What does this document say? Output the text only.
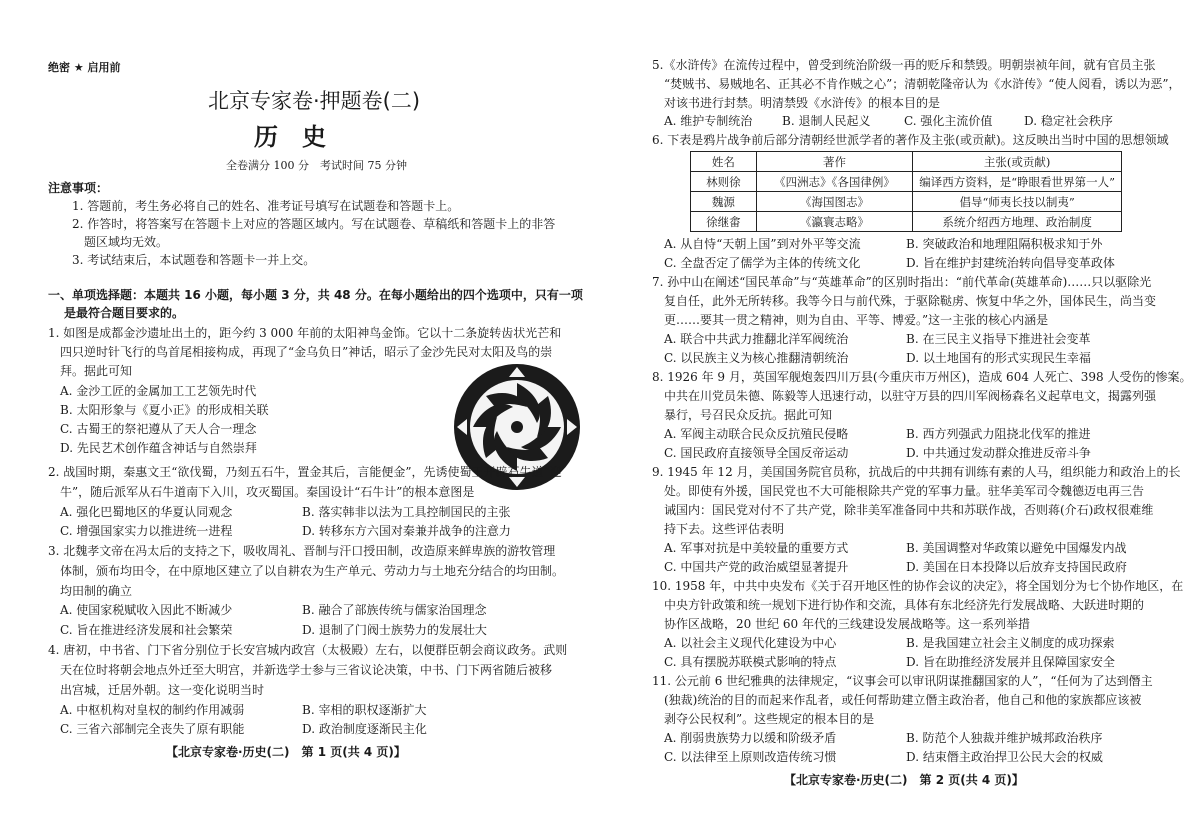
绝密 ★ 启用前
北京专家卷·押题卷(二)
历　史
全卷满分 100 分　考试时间 75 分钟
注意事项：
1. 答题前，考生务必将自己的姓名、准考证号填写在试题卷和答题卡上。
2. 作答时，将答案写在答题卡上对应的答题区域内。写在试题卷、草稿纸和答题卡上的非答
题区域均无效。
3. 考试结束后，本试题卷和答题卡一并上交。
一、单项选择题：本题共 16 小题，每小题 3 分，共 48 分。在每小题给出的四个选项中，只有一项
是最符合题目要求的。
1. 如图是成都金沙遗址出土的，距今约 3 000 年前的太阳神鸟金饰。它以十二条旋转齿状光芒和
四只逆时针飞行的鸟首尾相接构成，再现了“金乌负日”神话，昭示了金沙先民对太阳及鸟的崇
拜。据此可知
A. 金沙工匠的金属加工工艺领先时代
B. 太阳形象与《夏小正》的形成相关联
C. 古蜀王的祭祀遵从了天人合一理念
D. 先民艺术创作蕴含神话与自然崇拜
2. 战国时期，秦惠文王“欲伐蜀，乃刻五石牛，置金其后，言能便金”，先诱使蜀王开辟石牛道“迎
牛”，随后派军从石牛道南下入川，攻灭蜀国。秦国设计“石牛计”的根本意图是
A. 强化巴蜀地区的华夏认同观念	B. 落实韩非以法为工具控制国民的主张
C. 增强国家实力以推进统一进程	D. 转移东方六国对秦兼并战争的注意力
3. 北魏孝文帝在冯太后的支持之下，吸收周礼、晋制与汗口授田制，改造原来鲜卑族的游牧管理
体制，颁布均田令，在中原地区建立了以自耕农为生产单元、劳动力与土地充分结合的均田制。
均田制的确立
A. 使国家税赋收入因此不断减少	B. 融合了部族传统与儒家治国理念
C. 旨在推进经济发展和社会繁荣	D. 退制了门阀士族势力的发展壮大
4. 唐初，中书省、门下省分别位于长安宫城内政宫（太极殿）左右，以便群臣朝会商议政务。武则
天在位时将朝会地点外迁至大明宫，并新选学士参与三省议论决策，中书、门下两省随后被移
出宫城，迁居外朝。这一变化说明当时
A. 中枢机构对皇权的制约作用减弱	B. 宰相的职权逐渐扩大
C. 三省六部制完全丧失了原有职能	D. 政治制度逐渐民主化
【北京专家卷·历史(二)　第 1 页(共 4 页)】
5.《水浒传》在流传过程中，曾受到统治阶级一再的贬斥和禁毁。明朝崇祯年间，就有官员主张
“焚贼书、易贼地名、正其必不肯作贼之心”；清朝乾隆帝认为《水浒传》“使人阅看，诱以为恶”，
对该书进行封禁。明清禁毁《水浒传》的根本目的是
A. 维护专制统治 B. 退制人民起义	C. 强化主流价值	D. 稳定社会秩序
6. 下表是鸦片战争前后部分清朝经世派学者的著作及主张(或贡献)。这反映出当时中国的思想领域
姓名	著作	主张(或贡献)
林则徐	《四洲志》《各国律例》	编译西方资料，是“睁眼看世界第一人”
魏源	《海国图志》	倡导“师夷长技以制夷”
徐继畬	《瀛寰志略》	系统介绍西方地理、政治制度
A. 从自恃“天朝上国”到对外平等交流	B. 突破政治和地理阻隔积极求知于外
C. 全盘否定了儒学为主体的传统文化	D. 旨在维护封建统治转向倡导变革政体
7. 孙中山在阐述“国民革命”与“英雄革命”的区别时指出：“前代革命(英雄革命)……只以驱除光
复自任，此外无所转移。我等今日与前代殊，于驱除鞑虏、恢复中华之外，国体民生，尚当变
更……要其一贯之精神，则为自由、平等、博爱。”这一主张的核心内涵是
A. 联合中共武力推翻北洋军阀统治	B. 在三民主义指导下推进社会变革
C. 以民族主义为核心推翻清朝统治	D. 以土地国有的形式实现民生幸福
8. 1926 年 9 月，英国军舰炮轰四川万县(今重庆市万州区)，造成 604 人死亡、398 人受伤的惨案。
中共在川党员朱德、陈毅等人迅速行动，以驻守万县的四川军阀杨森名义起草电文，揭露列强
暴行，号召民众反抗。据此可知
A. 军阀主动联合民众反抗殖民侵略	B. 西方列强武力阻挠北伐军的推进
C. 国民政府直接领导全国反帝运动	D. 中共通过发动群众推进反帝斗争
9. 1945 年 12 月，美国国务院官员称，抗战后的中共拥有训练有素的人马，组织能力和政治上的长
处。即使有外援，国民党也不大可能根除共产党的军事力量。驻华美军司令魏德迈电再三告
诫国内：国民党对付不了共产党，除非美军准备同中共和苏联作战，否则蒋(介石)政权很难维
持下去。这些评估表明
A. 军事对抗是中美较量的重要方式	B. 美国调整对华政策以避免中国爆发内战
C. 中国共产党的政治威望显著提升	D. 美国在日本投降以后放弃支持国民政府
10. 1958 年，中共中央发布《关于召开地区性的协作会议的决定》，将全国划分为七个协作地区，在
中央方针政策和统一规划下进行协作和交流，具体有东北经济先行发展战略、大跃进时期的
协作区战略，20 世纪 60 年代的三线建设发展战略等。这一系列举措
A. 以社会主义现代化建设为中心	B. 是我国建立社会主义制度的成功探索
C. 具有摆脱苏联模式影响的特点	D. 旨在助推经济发展并且保障国家安全
11. 公元前 6 世纪雅典的法律规定，“议事会可以审讯阴谋推翻国家的人”，“任何为了达到僭主
(独裁)统治的目的而起来作乱者，或任何帮助建立僭主政治者，他自己和他的家族都应该被
剥夺公民权利”。这些规定的根本目的是
A. 削弱贵族势力以缓和阶级矛盾	B. 防范个人独裁并维护城邦政治秩序
C. 以法律至上原则改造传统习惯	D. 结束僭主政治捍卫公民大会的权威
【北京专家卷·历史(二)　第 2 页(共 4 页)】
